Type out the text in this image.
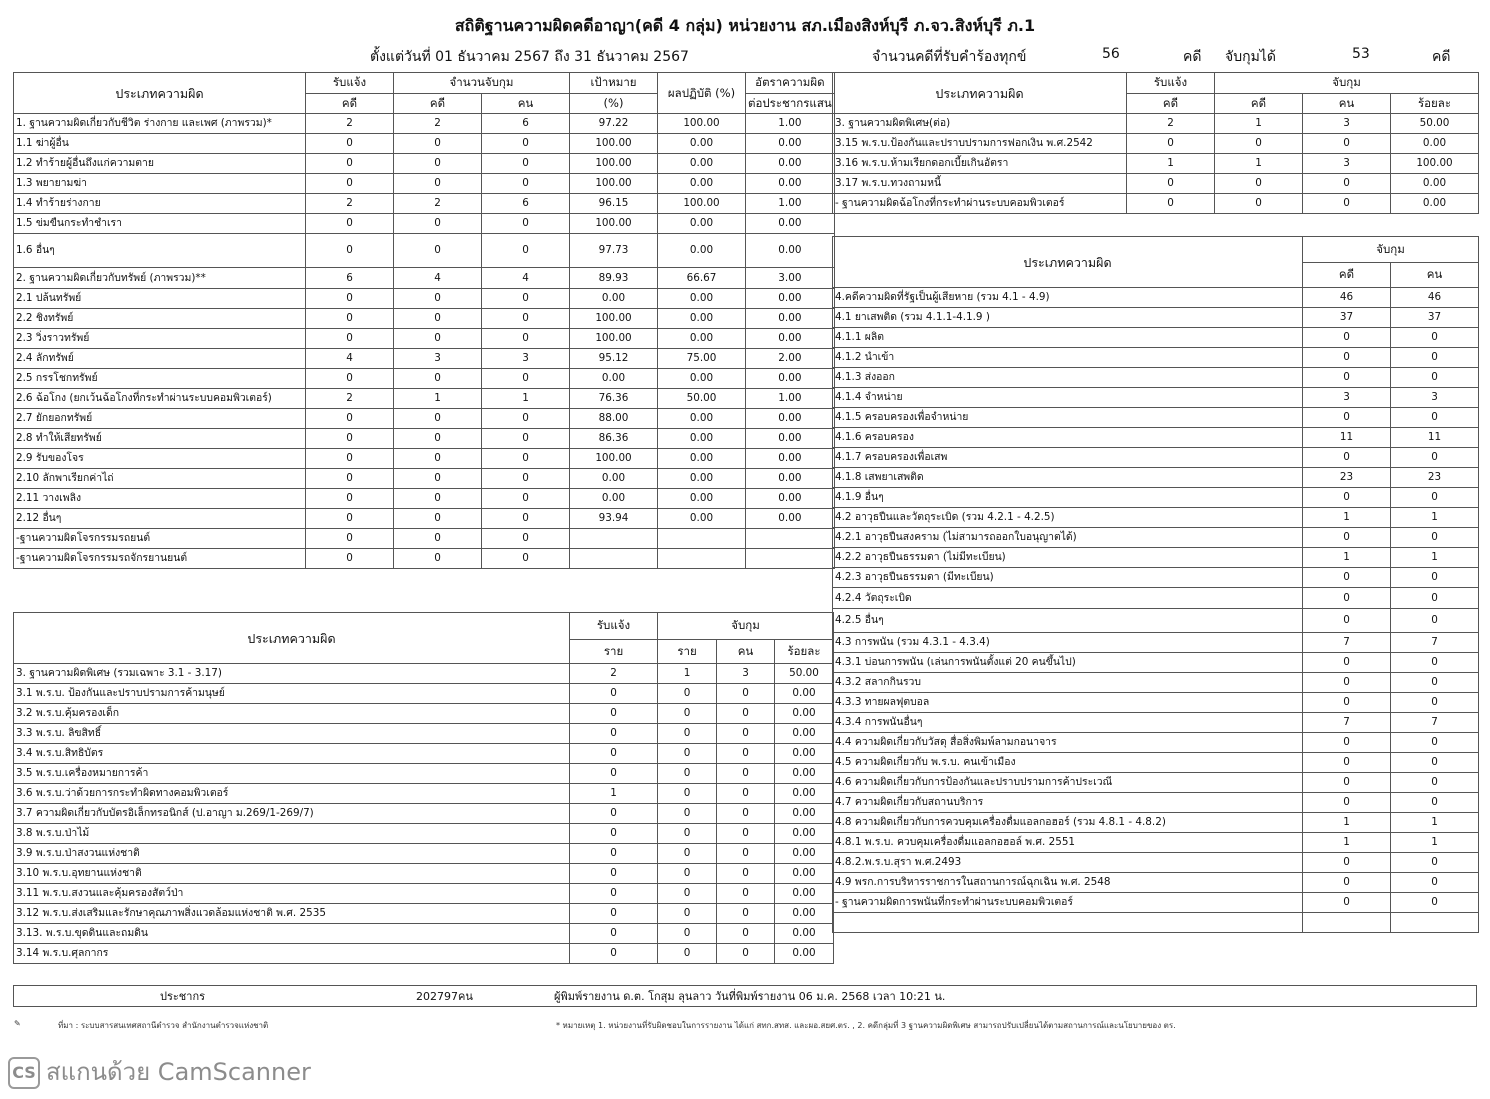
สถิติฐานความผิดคดีอาญา(คดี 4 กลุ่ม) หน่วยงาน สภ.เมืองสิงห์บุรี ภ.จว.สิงห์บุรี ภ.1
ตั้งแต่วันที่ 01 ธันวาคม 2567 ถึง 31 ธันวาคม 2567	จำนวนคดีที่รับคำร้องทุกข์	56	คดี จับกุมได้	53	คดี
ประเภทความผิด	รับแจ้ง	จำนวนจับกุม		เป้าหมาย	ผลปฏิบัติ (%)	อัตราความผิด
	คดี	คดี	คน	(%)		ต่อประชากรแสน
1. ฐานความผิดเกี่ยวกับชีวิต ร่างกาย และเพศ (ภาพรวม)*	2	2	6	97.22	100.00	1.00
1.1 ฆ่าผู้อื่น	0	0	0	100.00	0.00	0.00
1.2 ทำร้ายผู้อื่นถึงแก่ความตาย	0	0	0	100.00	0.00	0.00
1.3 พยายามฆ่า	0	0	0	100.00	0.00	0.00
1.4 ทำร้ายร่างกาย	2	2	6	96.15	100.00	1.00
1.5 ข่มขืนกระทำชำเรา	0	0	0	100.00	0.00	0.00
1.6 อื่นๆ	0	0	0	97.73	0.00	0.00
2. ฐานความผิดเกี่ยวกับทรัพย์ (ภาพรวม)**	6	4	4	89.93	66.67	3.00
2.1 ปล้นทรัพย์	0	0	0	0.00	0.00	0.00
2.2 ชิงทรัพย์	0	0	0	100.00	0.00	0.00
2.3 วิ่งราวทรัพย์	0	0	0	100.00	0.00	0.00
2.4 ลักทรัพย์	4	3	3	95.12	75.00	2.00
2.5 กรรโชกทรัพย์	0	0	0	0.00	0.00	0.00
2.6 ฉ้อโกง (ยกเว้นฉ้อโกงที่กระทำผ่านระบบคอมพิวเตอร์)	2	1	1	76.36	50.00	1.00
2.7 ยักยอกทรัพย์	0	0	0	88.00	0.00	0.00
2.8 ทำให้เสียทรัพย์	0	0	0	86.36	0.00	0.00
2.9 รับของโจร	0	0	0	100.00	0.00	0.00
2.10 ลักพาเรียกค่าไถ่	0	0	0	0.00	0.00	0.00
2.11 วางเพลิง	0	0	0	0.00	0.00	0.00
2.12 อื่นๆ	0	0	0	93.94	0.00	0.00
-ฐานความผิดโจรกรรมรถยนต์	0	0	0			
-ฐานความผิดโจรกรรมรถจักรยานยนต์	0	0	0			
ประเภทความผิด	รับแจ้ง	จับกุม		
	คดี	คดี	คน	ร้อยละ
3. ฐานความผิดพิเศษ(ต่อ)	2	1	3	50.00
3.15 พ.ร.บ.ป้องกันและปราบปรามการฟอกเงิน พ.ศ.2542	0	0	0	0.00
3.16 พ.ร.บ.ห้ามเรียกดอกเบี้ยเกินอัตรา	1	1	3	100.00
3.17 พ.ร.บ.ทวงถามหนี้	0	0	0	0.00
- ฐานความผิดฉ้อโกงที่กระทำผ่านระบบคอมพิวเตอร์	0	0	0	0.00
ประเภทความผิด	จับกุม	
	คดี	คน
4.คดีความผิดที่รัฐเป็นผู้เสียหาย (รวม 4.1 - 4.9)	46	46
4.1 ยาเสพติด (รวม 4.1.1-4.1.9 )	37	37
4.1.1 ผลิต	0	0
4.1.2 นำเข้า	0	0
4.1.3 ส่งออก	0	0
4.1.4 จำหน่าย	3	3
4.1.5 ครอบครองเพื่อจำหน่าย	0	0
4.1.6 ครอบครอง	11	11
4.1.7 ครอบครองเพื่อเสพ	0	0
4.1.8 เสพยาเสพติด	23	23
4.1.9 อื่นๆ	0	0
4.2 อาวุธปืนและวัตถุระเบิด (รวม 4.2.1 - 4.2.5)	1	1
4.2.1 อาวุธปืนสงคราม (ไม่สามารถออกใบอนุญาตได้)	0	0
4.2.2 อาวุธปืนธรรมดา (ไม่มีทะเบียน)	1	1
4.2.3 อาวุธปืนธรรมดา (มีทะเบียน)	0	0
4.2.4 วัตถุระเบิด	0	0
4.2.5 อื่นๆ	0	0
4.3 การพนัน (รวม 4.3.1 - 4.3.4)	7	7
4.3.1 บ่อนการพนัน (เล่นการพนันตั้งแต่ 20 คนขึ้นไป)	0	0
4.3.2 สลากกินรวบ	0	0
4.3.3 ทายผลฟุตบอล	0	0
4.3.4 การพนันอื่นๆ	7	7
4.4 ความผิดเกี่ยวกับวัสดุ สื่อสิ่งพิมพ์ลามกอนาจาร	0	0
4.5 ความผิดเกี่ยวกับ พ.ร.บ. คนเข้าเมือง	0	0
4.6 ความผิดเกี่ยวกับการป้องกันและปราบปรามการค้าประเวณี	0	0
4.7 ความผิดเกี่ยวกับสถานบริการ	0	0
4.8 ความผิดเกี่ยวกับการควบคุมเครื่องดื่มแอลกอฮอร์ (รวม 4.8.1 - 4.8.2)	1	1
4.8.1 พ.ร.บ. ควบคุมเครื่องดื่มแอลกอฮอล์ พ.ศ. 2551	1	1
4.8.2.พ.ร.บ.สุรา พ.ศ.2493	0	0
4.9 พรก.การบริหารราชการในสถานการณ์ฉุกเฉิน พ.ศ. 2548	0	0
- ฐานความผิดการพนันที่กระทำผ่านระบบคอมพิวเตอร์	0	0

ประเภทความผิด	รับแจ้ง	จับกุม		
	ราย	ราย	คน	ร้อยละ
3. ฐานความผิดพิเศษ (รวมเฉพาะ 3.1 - 3.17)	2	1	3	50.00
3.1 พ.ร.บ. ป้องกันและปราบปรามการค้ามนุษย์	0	0	0	0.00
3.2 พ.ร.บ.คุ้มครองเด็ก	0	0	0	0.00
3.3 พ.ร.บ. ลิขสิทธิ์	0	0	0	0.00
3.4 พ.ร.บ.สิทธิบัตร	0	0	0	0.00
3.5 พ.ร.บ.เครื่องหมายการค้า	0	0	0	0.00
3.6 พ.ร.บ.ว่าด้วยการกระทำผิดทางคอมพิวเตอร์	1	0	0	0.00
3.7 ความผิดเกี่ยวกับบัตรอิเล็กทรอนิกส์ (ป.อาญา ม.269/1-269/7)	0	0	0	0.00
3.8 พ.ร.บ.ป่าไม้	0	0	0	0.00
3.9 พ.ร.บ.ป่าสงวนแห่งชาติ	0	0	0	0.00
3.10 พ.ร.บ.อุทยานแห่งชาติ	0	0	0	0.00
3.11 พ.ร.บ.สงวนและคุ้มครองสัตว์ป่า	0	0	0	0.00
3.12 พ.ร.บ.ส่งเสริมและรักษาคุณภาพสิ่งแวดล้อมแห่งชาติ พ.ศ. 2535	0	0	0	0.00
3.13. พ.ร.บ.ขุดดินและถมดิน	0	0	0	0.00
3.14 พ.ร.บ.ศุลกากร	0	0	0	0.00
ประชากร	202797คน	ผู้พิมพ์รายงาน ด.ต. โกสุม ลุนลาว วันที่พิมพ์รายงาน 06 ม.ค. 2568 เวลา 10:21 น.
✎	ที่มา : ระบบสารสนเทศสถานีตำรวจ สำนักงานตำรวจแห่งชาติ	* หมายเหตุ 1. หน่วยงานที่รับผิดชอบในการรายงาน ได้แก่ สทก.สทส. และผอ.สยศ.ตร. , 2. คดีกลุ่มที่ 3 ฐานความผิดพิเศษ สามารถปรับเปลี่ยนได้ตามสถานการณ์และนโยบายของ ตร.
CS สแกนด้วย CamScanner
